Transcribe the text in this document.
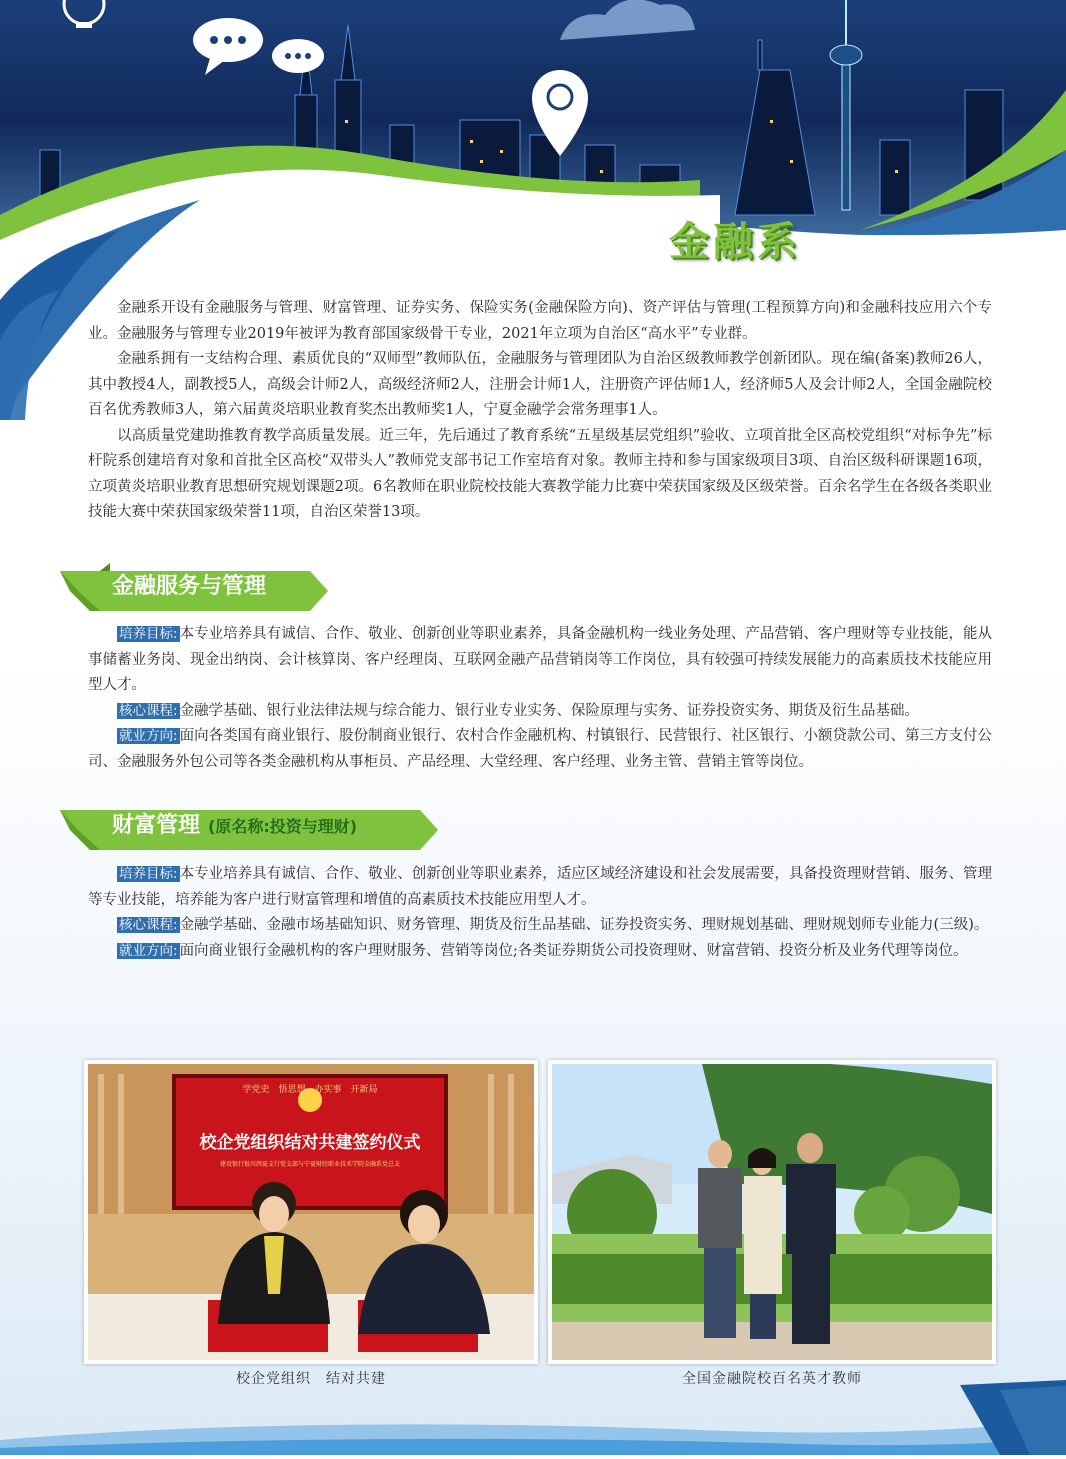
金融系

金融系开设有金融服务与管理、财富管理、证券实务、保险实务(金融保险方向)、资产评估与管理(工程预算方向)和金融科技应用六个专业。金融服务与管理专业2019年被评为教育部国家级骨干专业，2021年立项为自治区“高水平”专业群。

金融系拥有一支结构合理、素质优良的“双师型”教师队伍，金融服务与管理团队为自治区级教师教学创新团队。现在编(备案)教师26人，其中教授4人，副教授5人，高级会计师2人，高级经济师2人，注册会计师1人，注册资产评估师1人，经济师5人及会计师2人，全国金融院校百名优秀教师3人，第六届黄炎培职业教育奖杰出教师奖1人，宁夏金融学会常务理事1人。

以高质量党建助推教育教学高质量发展。近三年，先后通过了教育系统“五星级基层党组织”验收、立项首批全区高校党组织“对标争先”标杆院系创建培育对象和首批全区高校“双带头人”教师党支部书记工作室培育对象。教师主持和参与国家级项目3项、自治区级科研课题16项，立项黄炎培职业教育思想研究规划课题2项。6名教师在职业院校技能大赛教学能力比赛中荣获国家级及区级荣誉。百余名学生在各级各类职业技能大赛中荣获国家级荣誉11项，自治区荣誉13项。

金融服务与管理

培养目标: 本专业培养具有诚信、合作、敬业、创新创业等职业素养，具备金融机构一线业务处理、产品营销、客户理财等专业技能，能从事储蓄业务岗、现金出纳岗、会计核算岗、客户经理岗、互联网金融产品营销岗等工作岗位，具有较强可持续发展能力的高素质技术技能应用型人才。

核心课程: 金融学基础、银行业法律法规与综合能力、银行业专业实务、保险原理与实务、证券投资实务、期货及衍生品基础。

就业方向: 面向各类国有商业银行、股份制商业银行、农村合作金融机构、村镇银行、民营银行、社区银行、小额贷款公司、第三方支付公司、金融服务外包公司等各类金融机构从事柜员、产品经理、大堂经理、客户经理、业务主管、营销主管等岗位。

财富管理 (原名称:投资与理财)

培养目标: 本专业培养具有诚信、合作、敬业、创新创业等职业素养，适应区域经济建设和社会发展需要，具备投资理财营销、服务、管理等专业技能，培养能为客户进行财富管理和增值的高素质技术技能应用型人才。

核心课程: 金融学基础、金融市场基础知识、财务管理、期货及衍生品基础、证券投资实务、理财规划基础、理财规划师专业能力(三级)。

就业方向: 面向商业银行金融机构的客户理财服务、营销等岗位;各类证券期货公司投资理财、财富营销、投资分析及业务代理等岗位。

学党史　悟思想　办实事　开新局
校企党组织结对共建签约仪式
建设银行银川西夏支行党支部与宁夏财经职业技术学院金融系党总支
校企党组织　结对共建	全国金融院校百名英才教师
